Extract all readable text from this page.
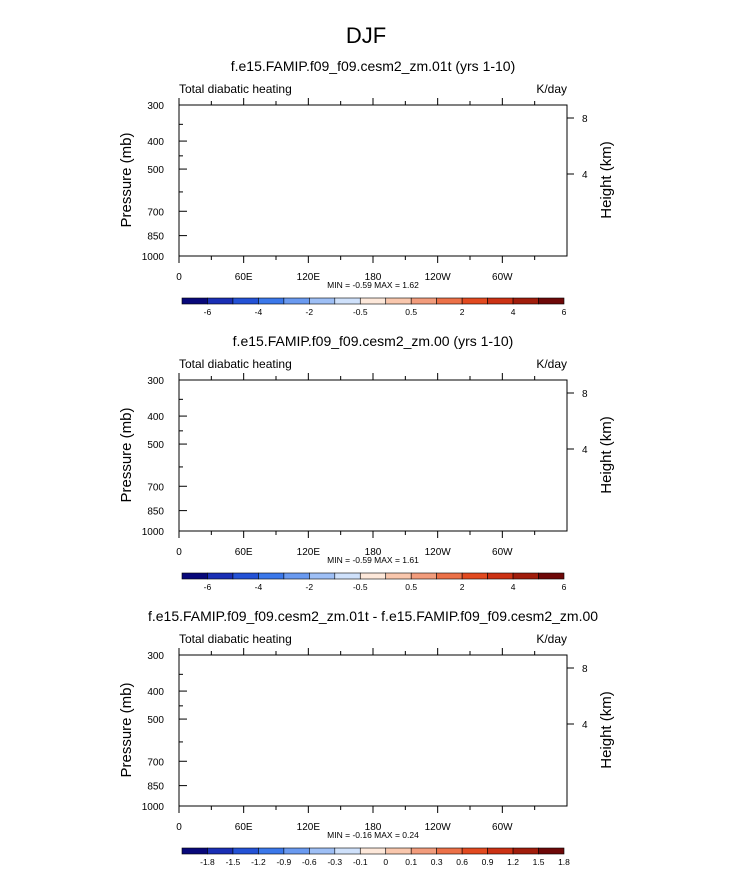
DJF
f.e15.FAMIP.f09_f09.cesm2_zm.01t (yrs 1-10)
Total diabatic heating	K/day
300
400
500
700
850
1000
0	60E	120E	180	120W	60W
8
4
Pressure (mb)	Height (km)
MIN = -0.59 MAX = 1.62
-6	-4	-2	-0.5	0.5	2	4	6
f.e15.FAMIP.f09_f09.cesm2_zm.00 (yrs 1-10)
Total diabatic heating	K/day
300
400
500
700
850
1000
0	60E	120E	180	120W	60W
8
4
Pressure (mb)	Height (km)
MIN = -0.59 MAX = 1.61
-6	-4	-2	-0.5	0.5	2	4	6
f.e15.FAMIP.f09_f09.cesm2_zm.01t - f.e15.FAMIP.f09_f09.cesm2_zm.00
Total diabatic heating	K/day
300
400
500
700
850
1000
0	60E	120E	180	120W	60W
8
4
Pressure (mb)	Height (km)
MIN = -0.16 MAX = 0.24
-1.8 -1.5 -1.2 -0.9 -0.6 -0.3 -0.1 0 0.1 0.3 0.6 0.9 1.2 1.5 1.8
